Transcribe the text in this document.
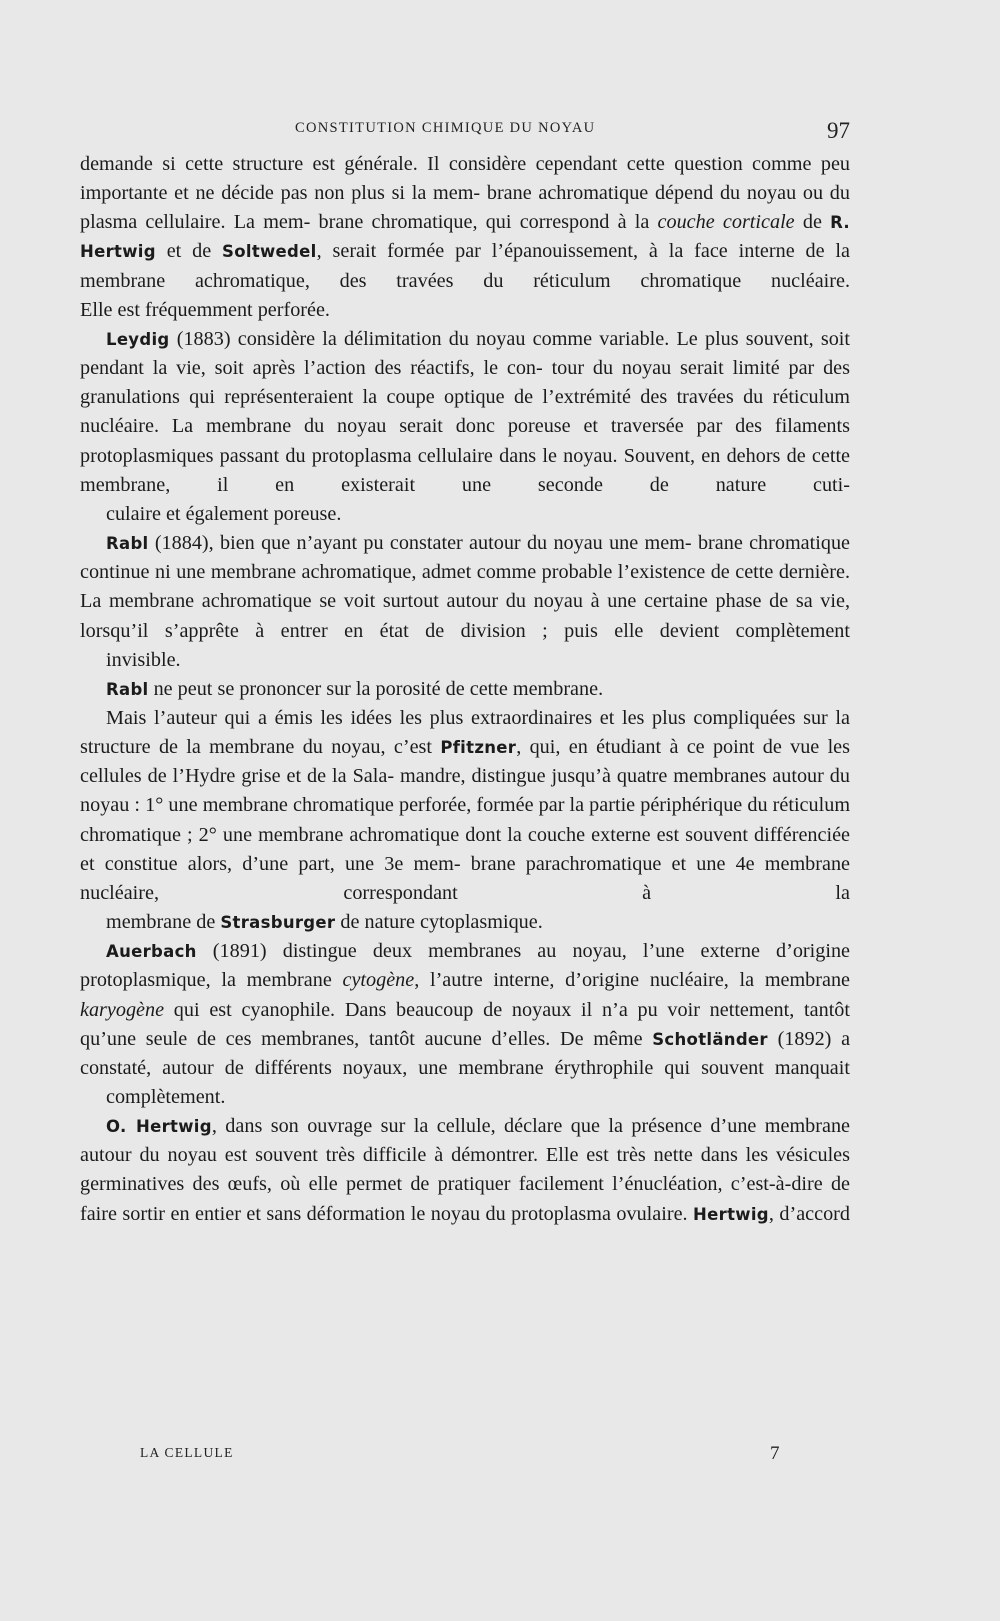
CONSTITUTION CHIMIQUE DU NOYAU	97

demande si cette structure est générale. Il considère cependant cette question comme peu importante et ne décide pas non plus si la mem- brane achromatique dépend du noyau ou du plasma cellulaire. La mem- brane chromatique, qui correspond à la couche corticale de R. Hertwig et de Soltwedel, serait formée par l’épanouissement, à la face interne de la membrane achromatique, des travées du réticulum chromatique nucléaire.
Elle est fréquemment perforée.

Leydig (1883) considère la délimitation du noyau comme variable. Le plus souvent, soit pendant la vie, soit après l’action des réactifs, le con- tour du noyau serait limité par des granulations qui représenteraient la coupe optique de l’extrémité des travées du réticulum nucléaire. La membrane du noyau serait donc poreuse et traversée par des filaments protoplasmiques passant du protoplasma cellulaire dans le noyau. Souvent, en dehors de cette membrane, il en existerait une seconde de nature cuti-
culaire et également poreuse.

Rabl (1884), bien que n’ayant pu constater autour du noyau une mem- brane chromatique continue ni une membrane achromatique, admet comme probable l’existence de cette dernière. La membrane achromatique se voit surtout autour du noyau à une certaine phase de sa vie, lorsqu’il s’apprête à entrer en état de division ; puis elle devient complètement
invisible.

Rabl ne peut se prononcer sur la porosité de cette membrane.

Mais l’auteur qui a émis les idées les plus extraordinaires et les plus compliquées sur la structure de la membrane du noyau, c’est Pfitzner, qui, en étudiant à ce point de vue les cellules de l’Hydre grise et de la Sala- mandre, distingue jusqu’à quatre membranes autour du noyau : 1° une membrane chromatique perforée, formée par la partie périphérique du réticulum chromatique ; 2° une membrane achromatique dont la couche externe est souvent différenciée et constitue alors, d’une part, une 3e mem- brane parachromatique et une 4e membrane nucléaire, correspondant à la
membrane de Strasburger de nature cytoplasmique.

Auerbach (1891) distingue deux membranes au noyau, l’une externe d’origine protoplasmique, la membrane cytogène, l’autre interne, d’origine nucléaire, la membrane karyogène qui est cyanophile. Dans beaucoup de noyaux il n’a pu voir nettement, tantôt qu’une seule de ces membranes, tantôt aucune d’elles. De même Schotländer (1892) a constaté, autour de différents noyaux, une membrane érythrophile qui souvent manquait
complètement.

O. Hertwig, dans son ouvrage sur la cellule, déclare que la présence d’une membrane autour du noyau est souvent très difficile à démontrer. Elle est très nette dans les vésicules germinatives des œufs, où elle permet de pratiquer facilement l’énucléation, c’est-à-dire de faire sortir en entier et sans déformation le noyau du protoplasma ovulaire. Hertwig, d’accord

LA CELLULE	7
